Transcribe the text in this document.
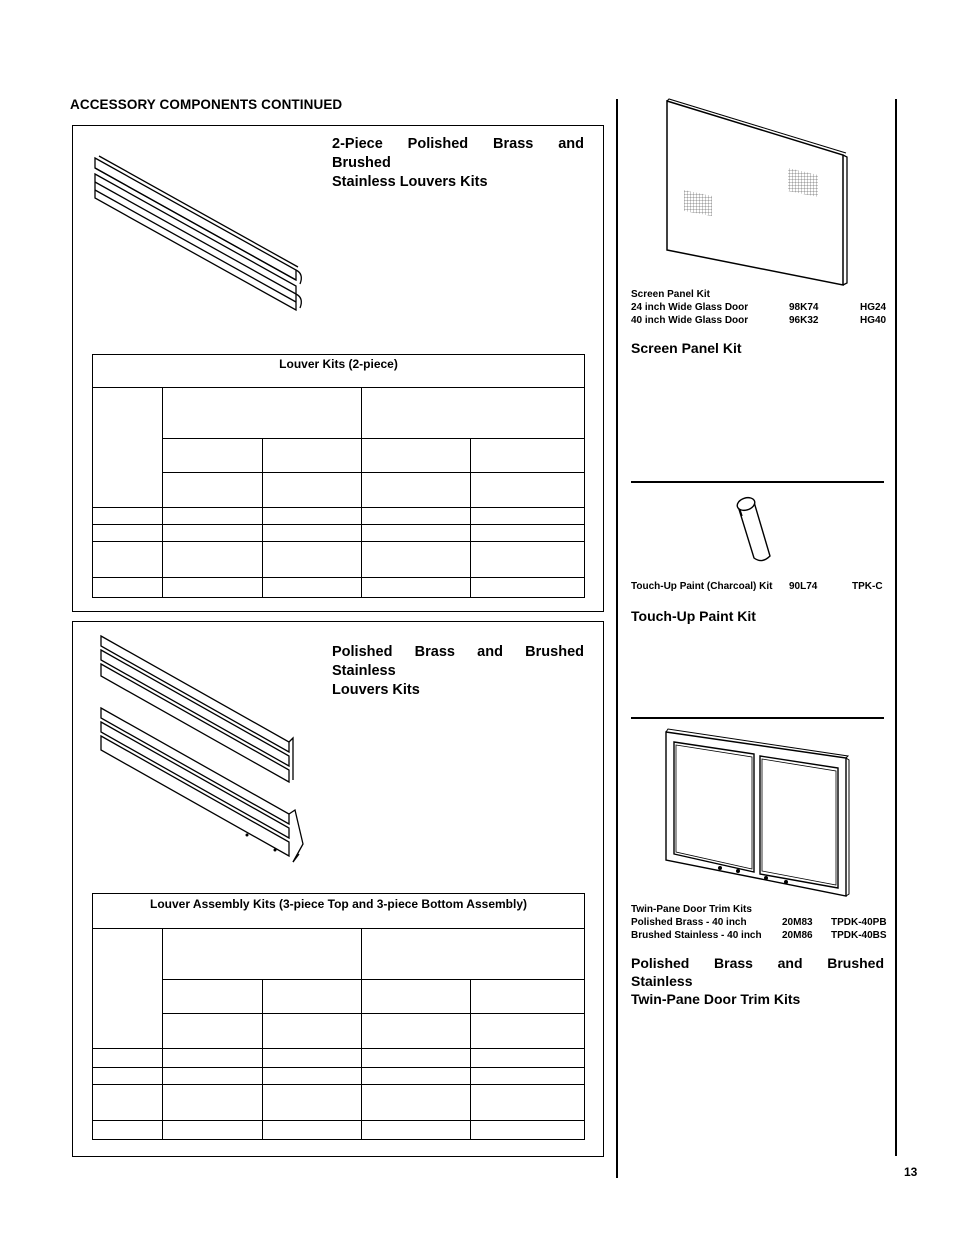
ACCESSORY COMPONENTS CONTINUED
2-Piece Polished Brass and Brushed
Stainless Louvers Kits
Louver Kits (2-piece)				

Polished Brass and Brushed Stainless
Louvers Kits
Louver Assembly Kits (3-piece Top and 3-piece Bottom Assembly)				

Screen Panel Kit
24 inch Wide Glass Door	98K74	HG24
40 inch Wide Glass Door	96K32	HG40
Screen Panel Kit
Touch-Up Paint (Charcoal) Kit 90L74	TPK-C
Touch-Up Paint Kit
Twin-Pane Door Trim Kits
Polished Brass - 40 inch	20M83 TPDK-40PB
Brushed Stainless - 40 inch 20M86 TPDK-40BS
Polished Brass and Brushed Stainless
Twin-Pane Door Trim Kits
13
